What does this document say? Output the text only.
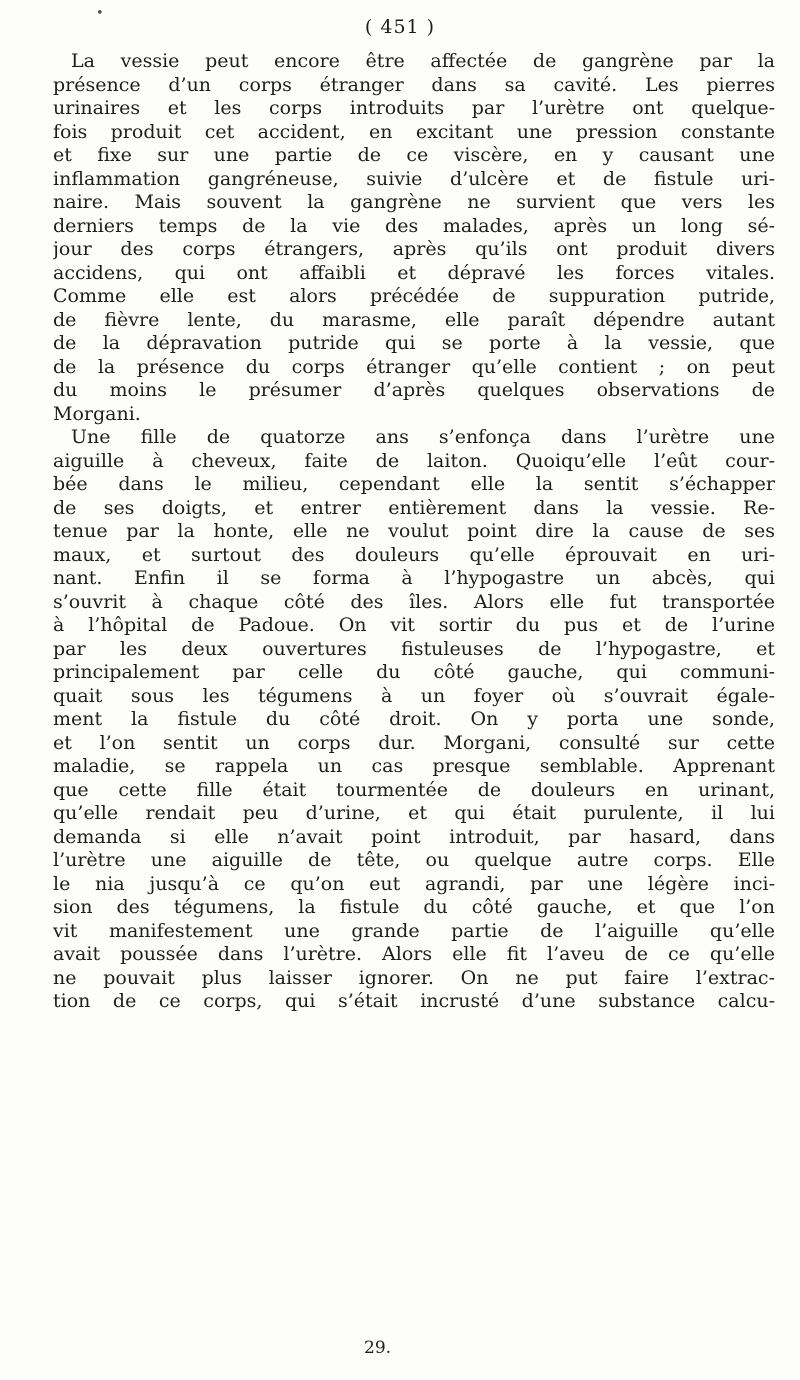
•
( 451 )

La vessie peut encore être affectée de gangrène par la
présence d’un corps étranger dans sa cavité. Les pierres
urinaires et les corps introduits par l’urètre ont quelque-
fois produit cet accident, en excitant une pression constante
et fixe sur une partie de ce viscère, en y causant une
inflammation gangréneuse, suivie d’ulcère et de fistule uri-
naire. Mais souvent la gangrène ne survient que vers les
derniers temps de la vie des malades, après un long sé-
jour des corps étrangers, après qu’ils ont produit divers
accidens, qui ont affaibli et dépravé les forces vitales.
Comme elle est alors précédée de suppuration putride,
de fièvre lente, du marasme, elle paraît dépendre autant
de la dépravation putride qui se porte à la vessie, que
de la présence du corps étranger qu’elle contient ; on peut
du moins le présumer d’après quelques observations de
Morgani.

Une fille de quatorze ans s’enfonça dans l’urètre une
aiguille à cheveux, faite de laiton. Quoiqu’elle l’eût cour-
bée dans le milieu, cependant elle la sentit s’échapper
de ses doigts, et entrer entièrement dans la vessie. Re-
tenue par la honte, elle ne voulut point dire la cause de ses
maux, et surtout des douleurs qu’elle éprouvait en uri-
nant. Enfin il se forma à l’hypogastre un abcès, qui
s’ouvrit à chaque côté des îles. Alors elle fut transportée
à l’hôpital de Padoue. On vit sortir du pus et de l’urine
par les deux ouvertures fistuleuses de l’hypogastre, et
principalement par celle du côté gauche, qui communi-
quait sous les tégumens à un foyer où s’ouvrait égale-
ment la fistule du côté droit. On y porta une sonde,
et l’on sentit un corps dur. Morgani, consulté sur cette
maladie, se rappela un cas presque semblable. Apprenant
que cette fille était tourmentée de douleurs en urinant,
qu’elle rendait peu d’urine, et qui était purulente, il lui
demanda si elle n’avait point introduit, par hasard, dans
l’urètre une aiguille de tête, ou quelque autre corps. Elle
le nia jusqu’à ce qu’on eut agrandi, par une légère inci-
sion des tégumens, la fistule du côté gauche, et que l’on
vit manifestement une grande partie de l’aiguille qu’elle
avait poussée dans l’urètre. Alors elle fit l’aveu de ce qu’elle
ne pouvait plus laisser ignorer. On ne put faire l’extrac-
tion de ce corps, qui s’était incrusté d’une substance calcu-

29.
